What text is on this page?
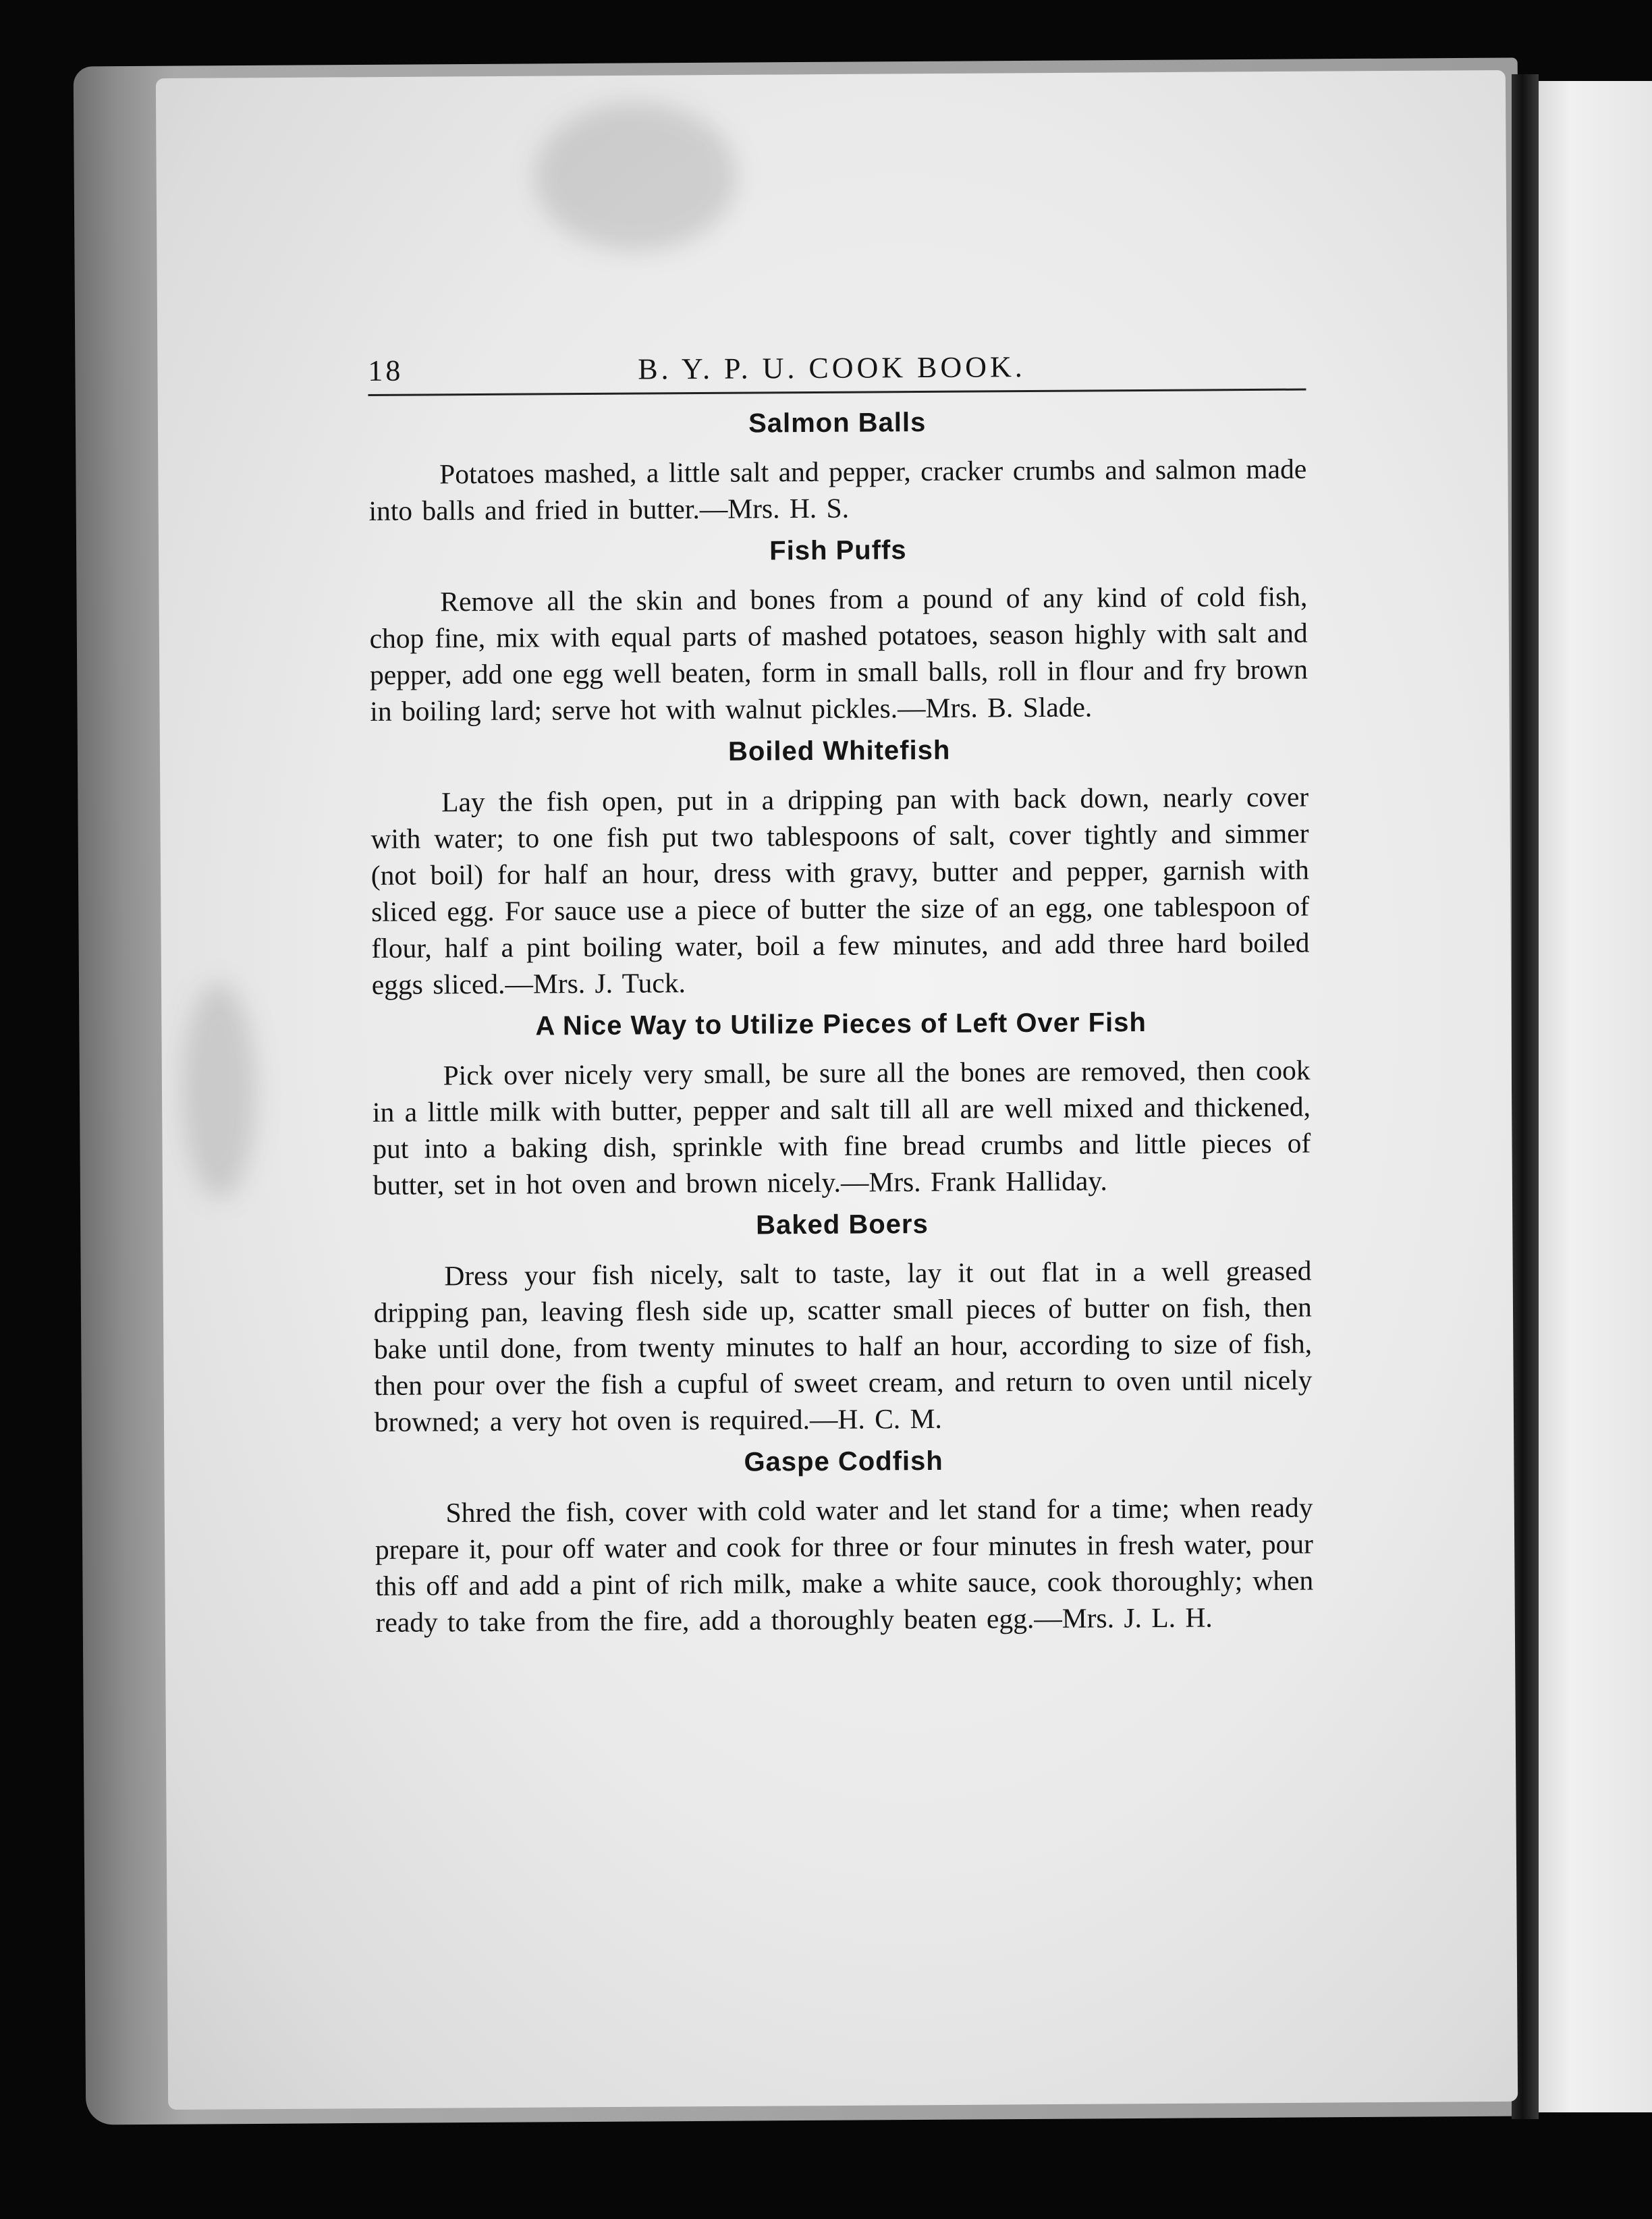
18	B. Y. P. U. COOK BOOK.
Salmon Balls

Potatoes mashed, a little salt and pepper, cracker crumbs and salmon made into balls and fried in butter.—Mrs. H. S.

Fish Puffs

Remove all the skin and bones from a pound of any kind of cold fish, chop fine, mix with equal parts of mashed potatoes, season highly with salt and pepper, add one egg well beaten, form in small balls, roll in flour and fry brown in boiling lard; serve hot with walnut pickles.—Mrs. B. Slade.

Boiled Whitefish

Lay the fish open, put in a dripping pan with back down, nearly cover with water; to one fish put two tablespoons of salt, cover tightly and simmer (not boil) for half an hour, dress with gravy, butter and pepper, garnish with sliced egg. For sauce use a piece of butter the size of an egg, one tablespoon of flour, half a pint boiling water, boil a few minutes, and add three hard boiled eggs sliced.—Mrs. J. Tuck.

A Nice Way to Utilize Pieces of Left Over Fish

Pick over nicely very small, be sure all the bones are removed, then cook in a little milk with butter, pepper and salt till all are well mixed and thickened, put into a baking dish, sprinkle with fine bread crumbs and little pieces of butter, set in hot oven and brown nicely.—Mrs. Frank Halliday.

Baked Boers

Dress your fish nicely, salt to taste, lay it out flat in a well greased dripping pan, leaving flesh side up, scatter small pieces of butter on fish, then bake until done, from twenty minutes to half an hour, according to size of fish, then pour over the fish a cupful of sweet cream, and return to oven until nicely browned; a very hot oven is required.—H. C. M.

Gaspe Codfish

Shred the fish, cover with cold water and let stand for a time; when ready prepare it, pour off water and cook for three or four minutes in fresh water, pour this off and add a pint of rich milk, make a white sauce, cook thoroughly; when ready to take from the fire, add a thoroughly beaten egg.—Mrs. J. L. H.
